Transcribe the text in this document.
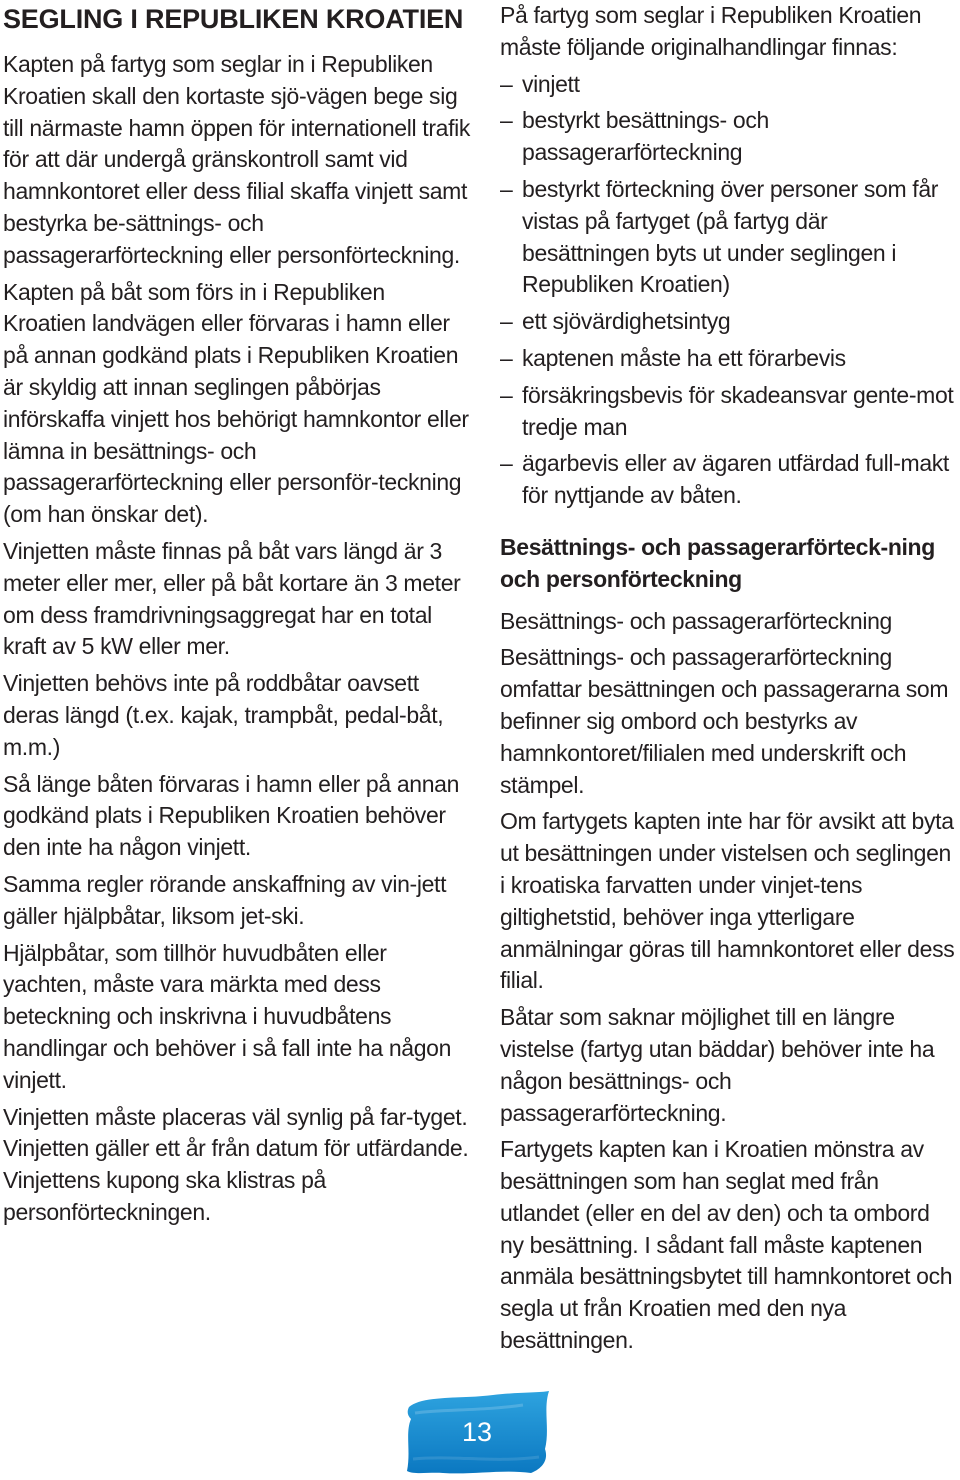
SEGLING I REPUBLIKEN KROATIEN

Kapten på fartyg som seglar in i Republiken Kroatien skall den kortaste sjö-vägen bege sig till närmaste hamn öppen för internationell trafik för att där undergå gränskontroll samt vid hamnkontoret eller dess filial skaffa vinjett samt bestyrka be-sättnings- och passagerarförteckning eller personförteckning.

Kapten på båt som förs in i Republiken Kroatien landvägen eller förvaras i hamn eller på annan godkänd plats i Republiken Kroatien är skyldig att innan seglingen påbörjas införskaffa vinjett hos behörigt hamnkontor eller lämna in besättnings- och passagerarförteckning eller personför-teckning (om han önskar det).

Vinjetten måste finnas på båt vars längd är 3 meter eller mer, eller på båt kortare än 3 meter om dess framdrivningsaggregat har en total kraft av 5 kW eller mer.

Vinjetten behövs inte på roddbåtar oavsett deras längd (t.ex. kajak, trampbåt, pedal-båt, m.m.)

Så länge båten förvaras i hamn eller på annan godkänd plats i Republiken Kroatien behöver den inte ha någon vinjett.

Samma regler rörande anskaffning av vin-jett gäller hjälpbåtar, liksom jet-ski.

Hjälpbåtar, som tillhör huvudbåten eller yachten, måste vara märkta med dess beteckning och inskrivna i huvudbåtens handlingar och behöver i så fall inte ha någon vinjett.

Vinjetten måste placeras väl synlig på far-tyget. Vinjetten gäller ett år från datum för utfärdande. Vinjettens kupong ska klistras på personförteckningen.

På fartyg som seglar i Republiken Kroatien måste följande originalhandlingar finnas:

– vinjett
– bestyrkt besättnings- och passagerarförteckning
– bestyrkt förteckning över personer som får vistas på fartyget (på fartyg där besättningen byts ut under seglingen i Republiken Kroatien)
– ett sjövärdighetsintyg
– kaptenen måste ha ett förarbevis
– försäkringsbevis för skadeansvar gente-mot tredje man
– ägarbevis eller av ägaren utfärdad full-makt för nyttjande av båten.
Besättnings- och passagerarförteck-ning och personförteckning

Besättnings- och passagerarförteckning

Besättnings- och passagerarförteckning omfattar besättningen och passagerarna som befinner sig ombord och bestyrks av hamnkontoret/filialen med underskrift och stämpel.

Om fartygets kapten inte har för avsikt att byta ut besättningen under vistelsen och seglingen i kroatiska farvatten under vinjet-tens giltighetstid, behöver inga ytterligare anmälningar göras till hamnkontoret eller dess filial.

Båtar som saknar möjlighet till en längre vistelse (fartyg utan bäddar) behöver inte ha någon besättnings- och passagerarförteckning.

Fartygets kapten kan i Kroatien mönstra av besättningen som han seglat med från utlandet (eller en del av den) och ta ombord ny besättning. I sådant fall måste kaptenen anmäla besättningsbytet till hamnkontoret och segla ut från Kroatien med den nya besättningen.

13
